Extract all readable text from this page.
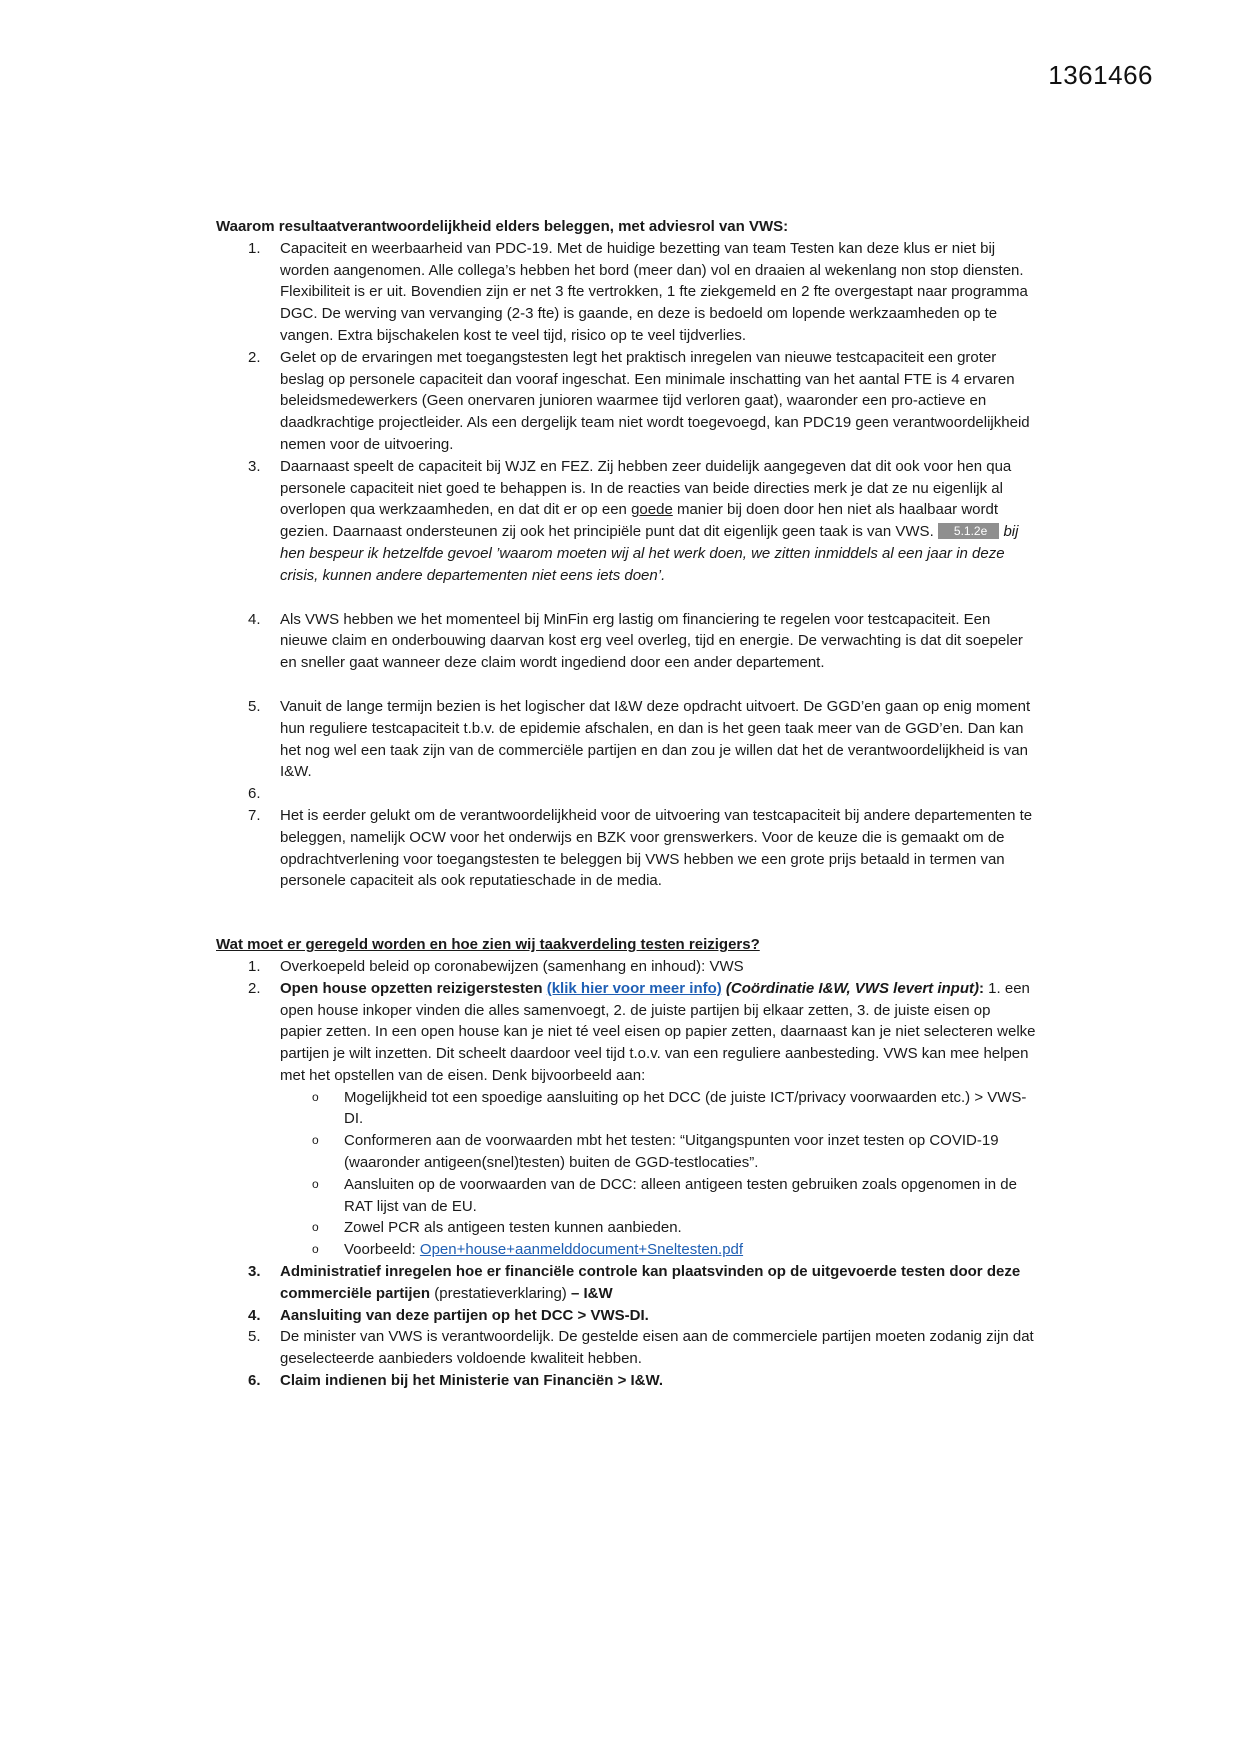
1361466

Waarom resultaatverantwoordelijkheid elders beleggen, met adviesrol van VWS:

1.	Capaciteit en weerbaarheid van PDC-19. Met de huidige bezetting van team Testen kan deze klus er niet bij worden aangenomen. Alle collega’s hebben het bord (meer dan) vol en draaien al wekenlang non stop diensten. Flexibiliteit is er uit. Bovendien zijn er net 3 fte vertrokken, 1 fte ziekgemeld en 2 fte overgestapt naar programma DGC. De werving van vervanging (2-3 fte) is gaande, en deze is bedoeld om lopende werkzaamheden op te vangen. Extra bijschakelen kost te veel tijd, risico op te veel tijdverlies.
2.	Gelet op de ervaringen met toegangstesten legt het praktisch inregelen van nieuwe testcapaciteit een groter beslag op personele capaciteit dan vooraf ingeschat. Een minimale inschatting van het aantal FTE is 4 ervaren beleidsmedewerkers (Geen onervaren junioren waarmee tijd verloren gaat), waaronder een pro-actieve en daadkrachtige projectleider. Als een dergelijk team niet wordt toegevoegd, kan PDC19 geen verantwoordelijkheid nemen voor de uitvoering.
3.	Daarnaast speelt de capaciteit bij WJZ en FEZ. Zij hebben zeer duidelijk aangegeven dat dit ook voor hen qua personele capaciteit niet goed te behappen is. In de reacties van beide directies merk je dat ze nu eigenlijk al overlopen qua werkzaamheden, en dat dit er op een goede manier bij doen door hen niet als haalbaar wordt gezien. Daarnaast ondersteunen zij ook het principiële punt dat dit eigenlijk geen taak is van VWS. 5.1.2e bij hen bespeur ik hetzelfde gevoel ’waarom moeten wij al het werk doen, we zitten inmiddels al een jaar in deze crisis, kunnen andere departementen niet eens iets doen’.
4.	Als VWS hebben we het momenteel bij MinFin erg lastig om financiering te regelen voor testcapaciteit. Een nieuwe claim en onderbouwing daarvan kost erg veel overleg, tijd en energie. De verwachting is dat dit soepeler en sneller gaat wanneer deze claim wordt ingediend door een ander departement.
5.	Vanuit de lange termijn bezien is het logischer dat I&W deze opdracht uitvoert. De GGD’en gaan op enig moment hun reguliere testcapaciteit t.b.v. de epidemie afschalen, en dan is het geen taak meer van de GGD’en. Dan kan het nog wel een taak zijn van de commerciële partijen en dan zou je willen dat het de verantwoordelijkheid is van I&W.
6.

7.	Het is eerder gelukt om de verantwoordelijkheid voor de uitvoering van testcapaciteit bij andere departementen te beleggen, namelijk OCW voor het onderwijs en BZK voor grenswerkers. Voor de keuze die is gemaakt om de opdrachtverlening voor toegangstesten te beleggen bij VWS hebben we een grote prijs betaald in termen van personele capaciteit als ook reputatieschade in de media.

Wat moet er geregeld worden en hoe zien wij taakverdeling testen reizigers?

1.	Overkoepeld beleid op coronabewijzen (samenhang en inhoud): VWS
2.	Open house opzetten reizigerstesten (klik hier voor meer info) (Coördinatie I&W, VWS levert input): 1. een open house inkoper vinden die alles samenvoegt, 2. de juiste partijen bij elkaar zetten, 3. de juiste eisen op papier zetten. In een open house kan je niet té veel eisen op papier zetten, daarnaast kan je niet selecteren welke partijen je wilt inzetten. Dit scheelt daardoor veel tijd t.o.v. van een reguliere aanbesteding. VWS kan mee helpen met het opstellen van de eisen. Denk bijvoorbeeld aan:
o Mogelijkheid tot een spoedige aansluiting op het DCC (de juiste ICT/privacy voorwaarden etc.) > VWS-DI.
o Conformeren aan de voorwaarden mbt het testen: “Uitgangspunten voor inzet testen op COVID-19 (waaronder antigeen(snel)testen) buiten de GGD-testlocaties”.
o Aansluiten op de voorwaarden van de DCC: alleen antigeen testen gebruiken zoals opgenomen in de RAT lijst van de EU.
o Zowel PCR als antigeen testen kunnen aanbieden.
o Voorbeeld: Open+house+aanmelddocument+Sneltesten.pdf
3.	Administratief inregelen hoe er financiële controle kan plaatsvinden op de uitgevoerde testen door deze commerciële partijen (prestatieverklaring) – I&W
4.	Aansluiting van deze partijen op het DCC > VWS-DI.
5.	De minister van VWS is verantwoordelijk. De gestelde eisen aan de commerciele partijen moeten zodanig zijn dat geselecteerde aanbieders voldoende kwaliteit hebben.
6.	Claim indienen bij het Ministerie van Financiën > I&W.
